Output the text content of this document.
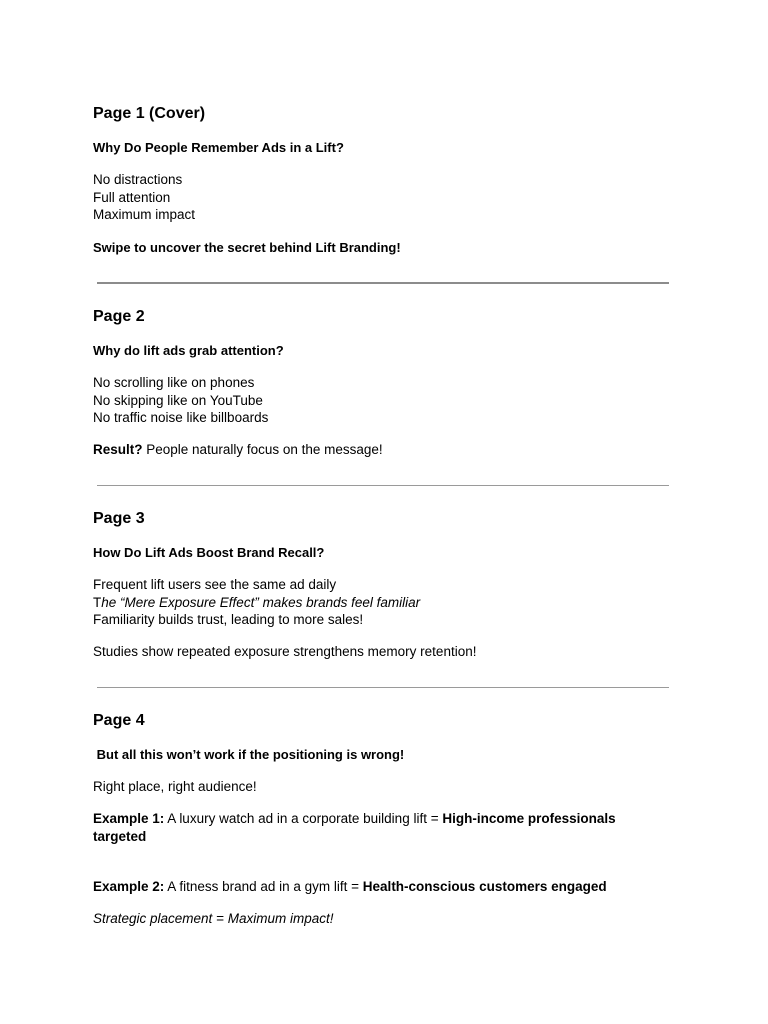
Page 1 (Cover)
Why Do People Remember Ads in a Lift?
No distractions
Full attention
Maximum impact
Swipe to uncover the secret behind Lift Branding!
Page 2
Why do lift ads grab attention?
No scrolling like on phones
No skipping like on YouTube
No traffic noise like billboards
Result? People naturally focus on the message!
Page 3
How Do Lift Ads Boost Brand Recall?
Frequent lift users see the same ad daily
The “Mere Exposure Effect” makes brands feel familiar
Familiarity builds trust, leading to more sales!
Studies show repeated exposure strengthens memory retention!
Page 4
But all this won’t work if the positioning is wrong!
Right place, right audience!
Example 1: A luxury watch ad in a corporate building lift = High-income professionals
targeted
Example 2: A fitness brand ad in a gym lift = Health-conscious customers engaged
Strategic placement = Maximum impact!
